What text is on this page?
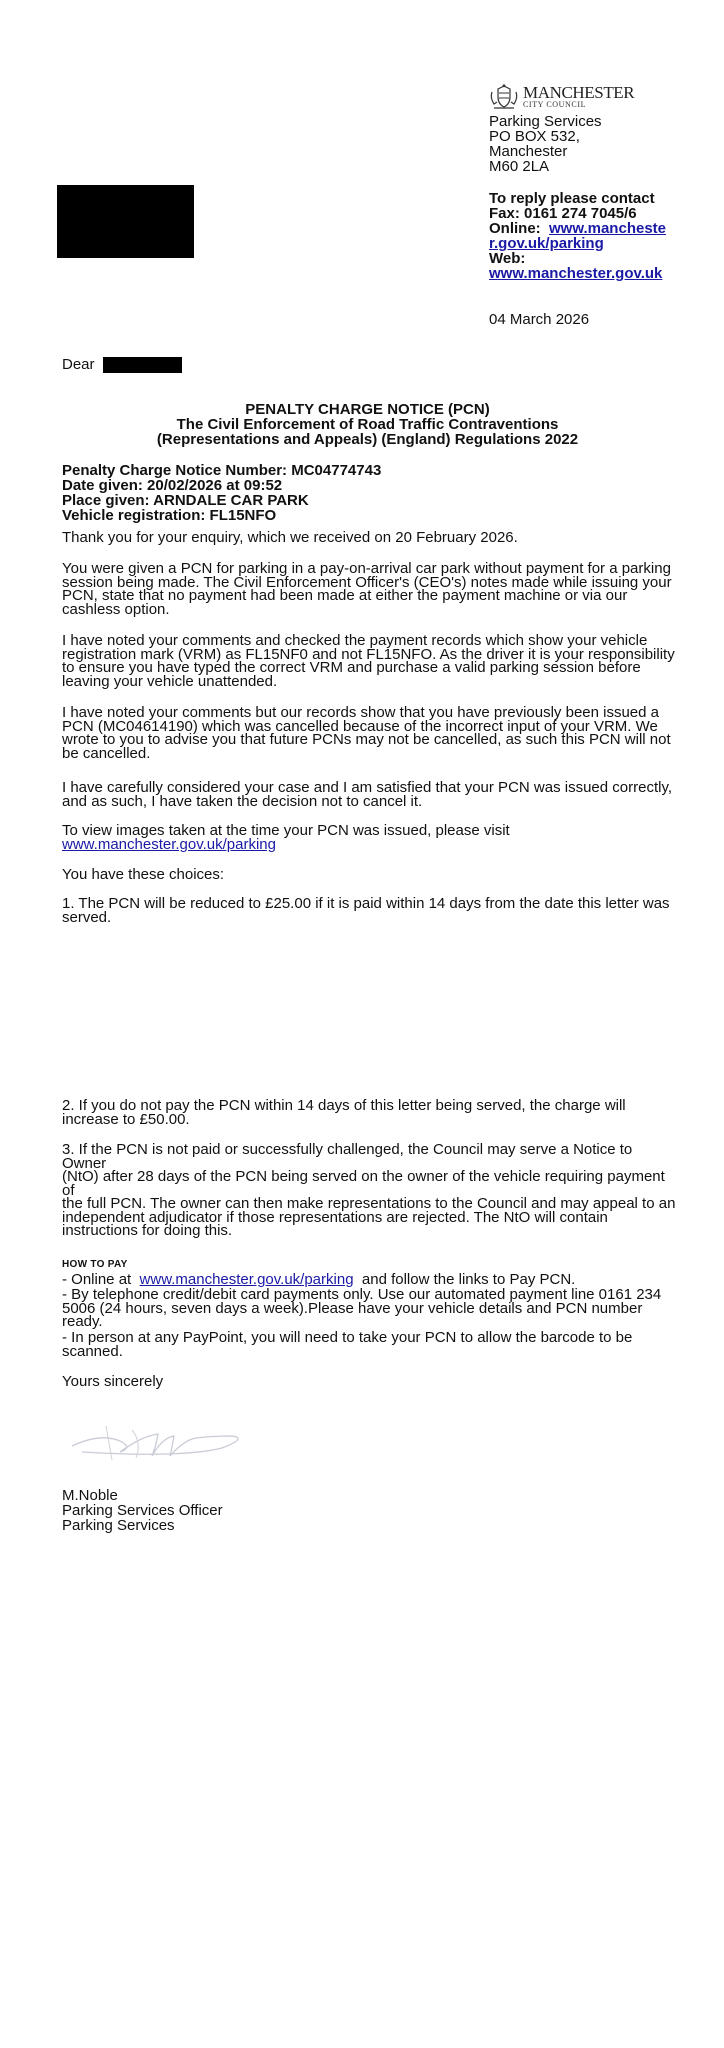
MANCHESTER
CITY COUNCIL
Parking Services
PO BOX 532,
Manchester
M60 2LA
To reply please contact
Fax: 0161 274 7045/6
Online: www.mancheste
r.gov.uk/parking
Web:
www.manchester.gov.uk
04 March 2026
Dear
PENALTY CHARGE NOTICE (PCN)
The Civil Enforcement of Road Traffic Contraventions
(Representations and Appeals) (England) Regulations 2022
Penalty Charge Notice Number: MC04774743
Date given: 20/02/2026 at 09:52
Place given: ARNDALE CAR PARK
Vehicle registration: FL15NFO
Thank you for your enquiry, which we received on 20 February 2026.

You were given a PCN for parking in a pay-on-arrival car park without payment for a parking

session being made. The Civil Enforcement Officer's (CEO's) notes made while issuing your

PCN, state that no payment had been made at either the payment machine or via our

cashless option.

I have noted your comments and checked the payment records which show your vehicle

registration mark (VRM) as FL15NF0 and not FL15NFO. As the driver it is your responsibility

to ensure you have typed the correct VRM and purchase a valid parking session before

leaving your vehicle unattended.

I have noted your comments but our records show that you have previously been issued a

PCN (MC04614190) which was cancelled because of the incorrect input of your VRM. We

wrote to you to advise you that future PCNs may not be cancelled, as such this PCN will not

be cancelled.

I have carefully considered your case and I am satisfied that your PCN was issued correctly,

and as such, I have taken the decision not to cancel it.

To view images taken at the time your PCN was issued, please visit

www.manchester.gov.uk/parking

You have these choices:

1. The PCN will be reduced to £25.00 if it is paid within 14 days from the date this letter was

served.

2. If you do not pay the PCN within 14 days of this letter being served, the charge will

increase to £50.00.

3. If the PCN is not paid or successfully challenged, the Council may serve a Notice to Owner

(NtO) after 28 days of the PCN being served on the owner of the vehicle requiring payment of

the full PCN. The owner can then make representations to the Council and may appeal to an

independent adjudicator if those representations are rejected. The NtO will contain

instructions for doing this.

HOW TO PAY

- Online at www.manchester.gov.uk/parking and follow the links to Pay PCN.

- By telephone credit/debit card payments only. Use our automated payment line 0161 234

5006 (24 hours, seven days a week).Please have your vehicle details and PCN number

ready.

- In person at any PayPoint, you will need to take your PCN to allow the barcode to be

scanned.

Yours sincerely
M.Noble
Parking Services Officer
Parking Services
